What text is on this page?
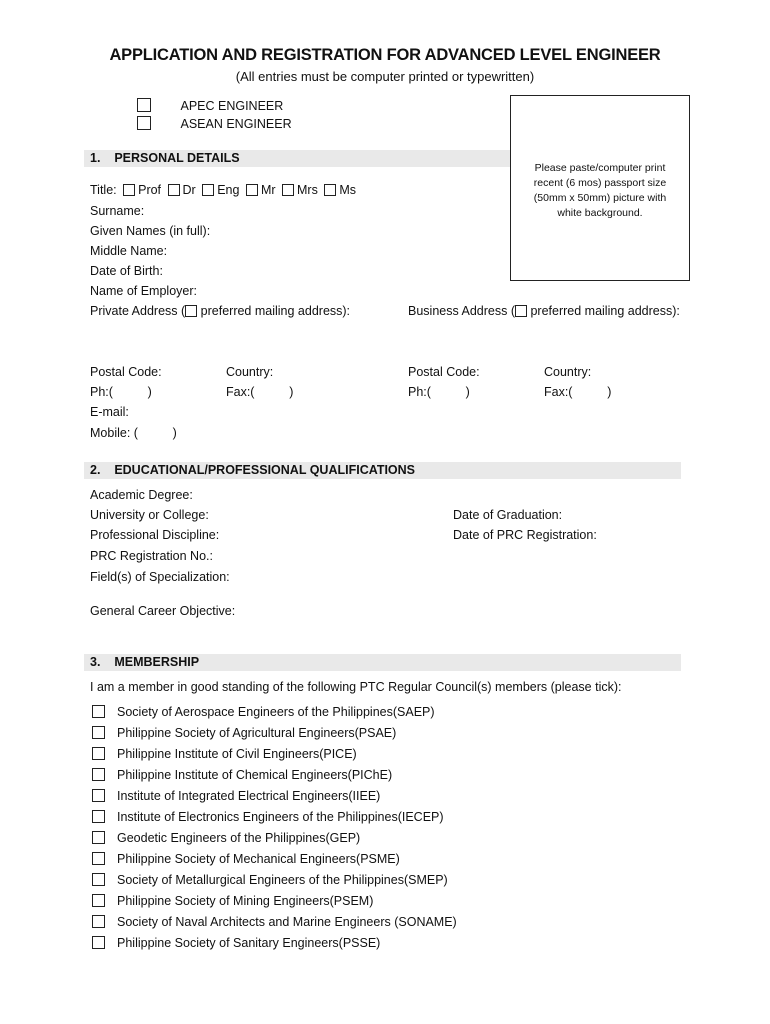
APPLICATION AND REGISTRATION FOR ADVANCED LEVEL ENGINEER
(All entries must be computer printed or typewritten)
APEC ENGINEER
ASEAN ENGINEER
Please paste/computer print recent (6 mos) passport size (50mm x 50mm) picture with white background.
1.    PERSONAL DETAILS
Title: Prof Dr Eng Mr Mrs Ms
Surname:
Given Names (in full):
Middle Name:
Date of Birth:
Name of Employer:
Private Address ( preferred mailing address):	Business Address ( preferred mailing address):
Postal Code:	Country:	Postal Code:	Country:
Ph:(          )	Fax:(          )	Ph:(          )	Fax:(          )
E-mail:
Mobile: (          )
2.    EDUCATIONAL/PROFESSIONAL QUALIFICATIONS
Academic Degree:
University or College:	Date of Graduation:
Professional Discipline:	Date of PRC Registration:
PRC Registration No.:
Field(s) of Specialization:
General Career Objective:
3.    MEMBERSHIP
I am a member in good standing of the following PTC Regular Council(s) members (please tick):
Society of Aerospace Engineers of the Philippines(SAEP)
Philippine Society of Agricultural Engineers(PSAE)
Philippine Institute of Civil Engineers(PICE)
Philippine Institute of Chemical Engineers(PIChE)
Institute of Integrated Electrical Engineers(IIEE)
Institute of Electronics Engineers of the Philippines(IECEP)
Geodetic Engineers of the Philippines(GEP)
Philippine Society of Mechanical Engineers(PSME)
Society of Metallurgical Engineers of the Philippines(SMEP)
Philippine Society of Mining Engineers(PSEM)
Society of Naval Architects and Marine Engineers (SONAME)
Philippine Society of Sanitary Engineers(PSSE)
